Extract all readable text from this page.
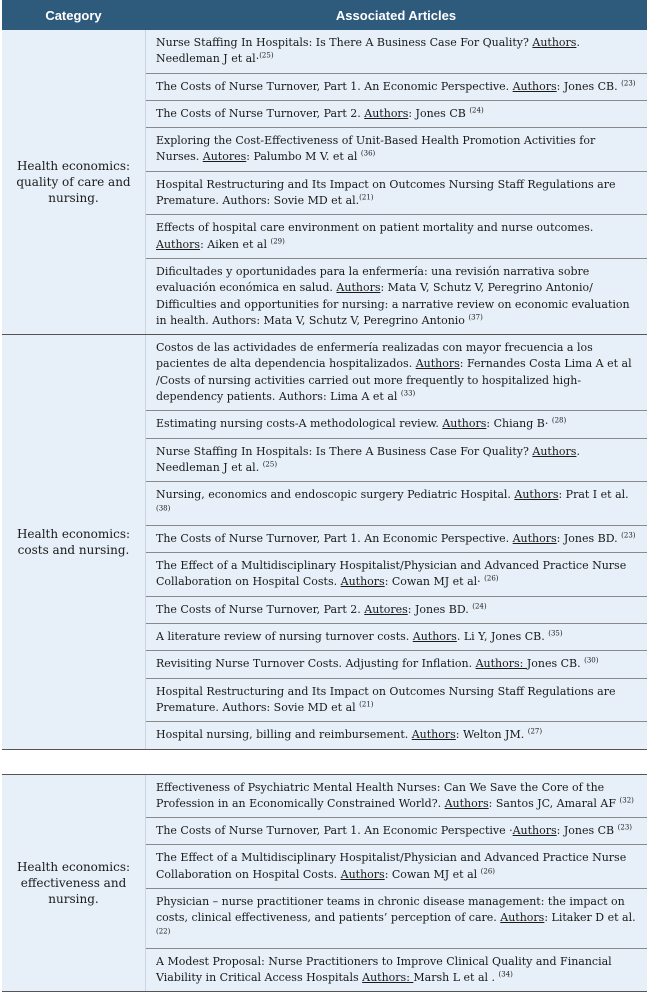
Category	Associated Articles
Health economics: quality of care and nursing.
Nurse Staffing In Hospitals: Is There A Business Case For Quality? Authors. Needleman J et al·$^{(25)}$
The Costs of Nurse Turnover, Part 1. An Economic Perspective. Authors: Jones CB. $^{(23)}$
The Costs of Nurse Turnover, Part 2. Authors: Jones CB $^{(24)}$
Exploring the Cost-Effectiveness of Unit-Based Health Promotion Activities for Nurses. Autores: Palumbo M V. et al $^{(36)}$
Hospital Restructuring and Its Impact on Outcomes Nursing Staff Regulations are Premature. Authors: Sovie MD et al.$^{(21)}$
Effects of hospital care environment on patient mortality and nurse outcomes. Authors: Aiken et al $^{(29)}$
Dificultades y oportunidades para la enfermería: una revisión narrativa sobre evaluación económica en salud. Authors: Mata V, Schutz V, Peregrino Antonio/ Difficulties and opportunities for nursing: a narrative review on economic evaluation in health. Authors: Mata V, Schutz V, Peregrino Antonio $^{(37)}$
Health economics: costs and nursing.
Costos de las actividades de enfermería realizadas con mayor frecuencia a los pacientes de alta dependencia hospitalizados. Authors: Fernandes Costa Lima A et al /Costs of nursing activities carried out more frequently to hospitalized high-dependency patients. Authors: Lima A et al $^{(33)}$
Estimating nursing costs-A methodological review. Authors: Chiang B· $^{(28)}$
Nurse Staffing In Hospitals: Is There A Business Case For Quality? Authors. Needleman J et al. $^{(25)}$
Nursing, economics and endoscopic surgery Pediatric Hospital. Authors: Prat I et al. $^{(38)}$
The Costs of Nurse Turnover, Part 1. An Economic Perspective. Authors: Jones BD. $^{(23)}$
The Effect of a Multidisciplinary Hospitalist/Physician and Advanced Practice Nurse Collaboration on Hospital Costs. Authors: Cowan MJ et al· $^{(26)}$
The Costs of Nurse Turnover, Part 2. Autores: Jones BD. $^{(24)}$
A literature review of nursing turnover costs. Authors. Li Y, Jones CB. $^{(35)}$
Revisiting Nurse Turnover Costs. Adjusting for Inflation. Authors: Jones CB. $^{(30)}$
Hospital Restructuring and Its Impact on Outcomes Nursing Staff Regulations are Premature. Authors: Sovie MD et al $^{(21)}$
Hospital nursing, billing and reimbursement. Authors: Welton JM. $^{(27)}$
Health economics: effectiveness and nursing.
Effectiveness of Psychiatric Mental Health Nurses: Can We Save the Core of the Profession in an Economically Constrained World?. Authors: Santos JC, Amaral AF $^{(32)}$
The Costs of Nurse Turnover, Part 1. An Economic Perspective ·Authors: Jones CB $^{(23)}$
The Effect of a Multidisciplinary Hospitalist/Physician and Advanced Practice Nurse Collaboration on Hospital Costs. Authors: Cowan MJ et al $^{(26)}$
Physician – nurse practitioner teams in chronic disease management: the impact on costs, clinical effectiveness, and patients’ perception of care. Authors: Litaker D et al. $^{(22)}$
A Modest Proposal: Nurse Practitioners to Improve Clinical Quality and Financial Viability in Critical Access Hospitals Authors: Marsh L et al . $^{(34)}$
